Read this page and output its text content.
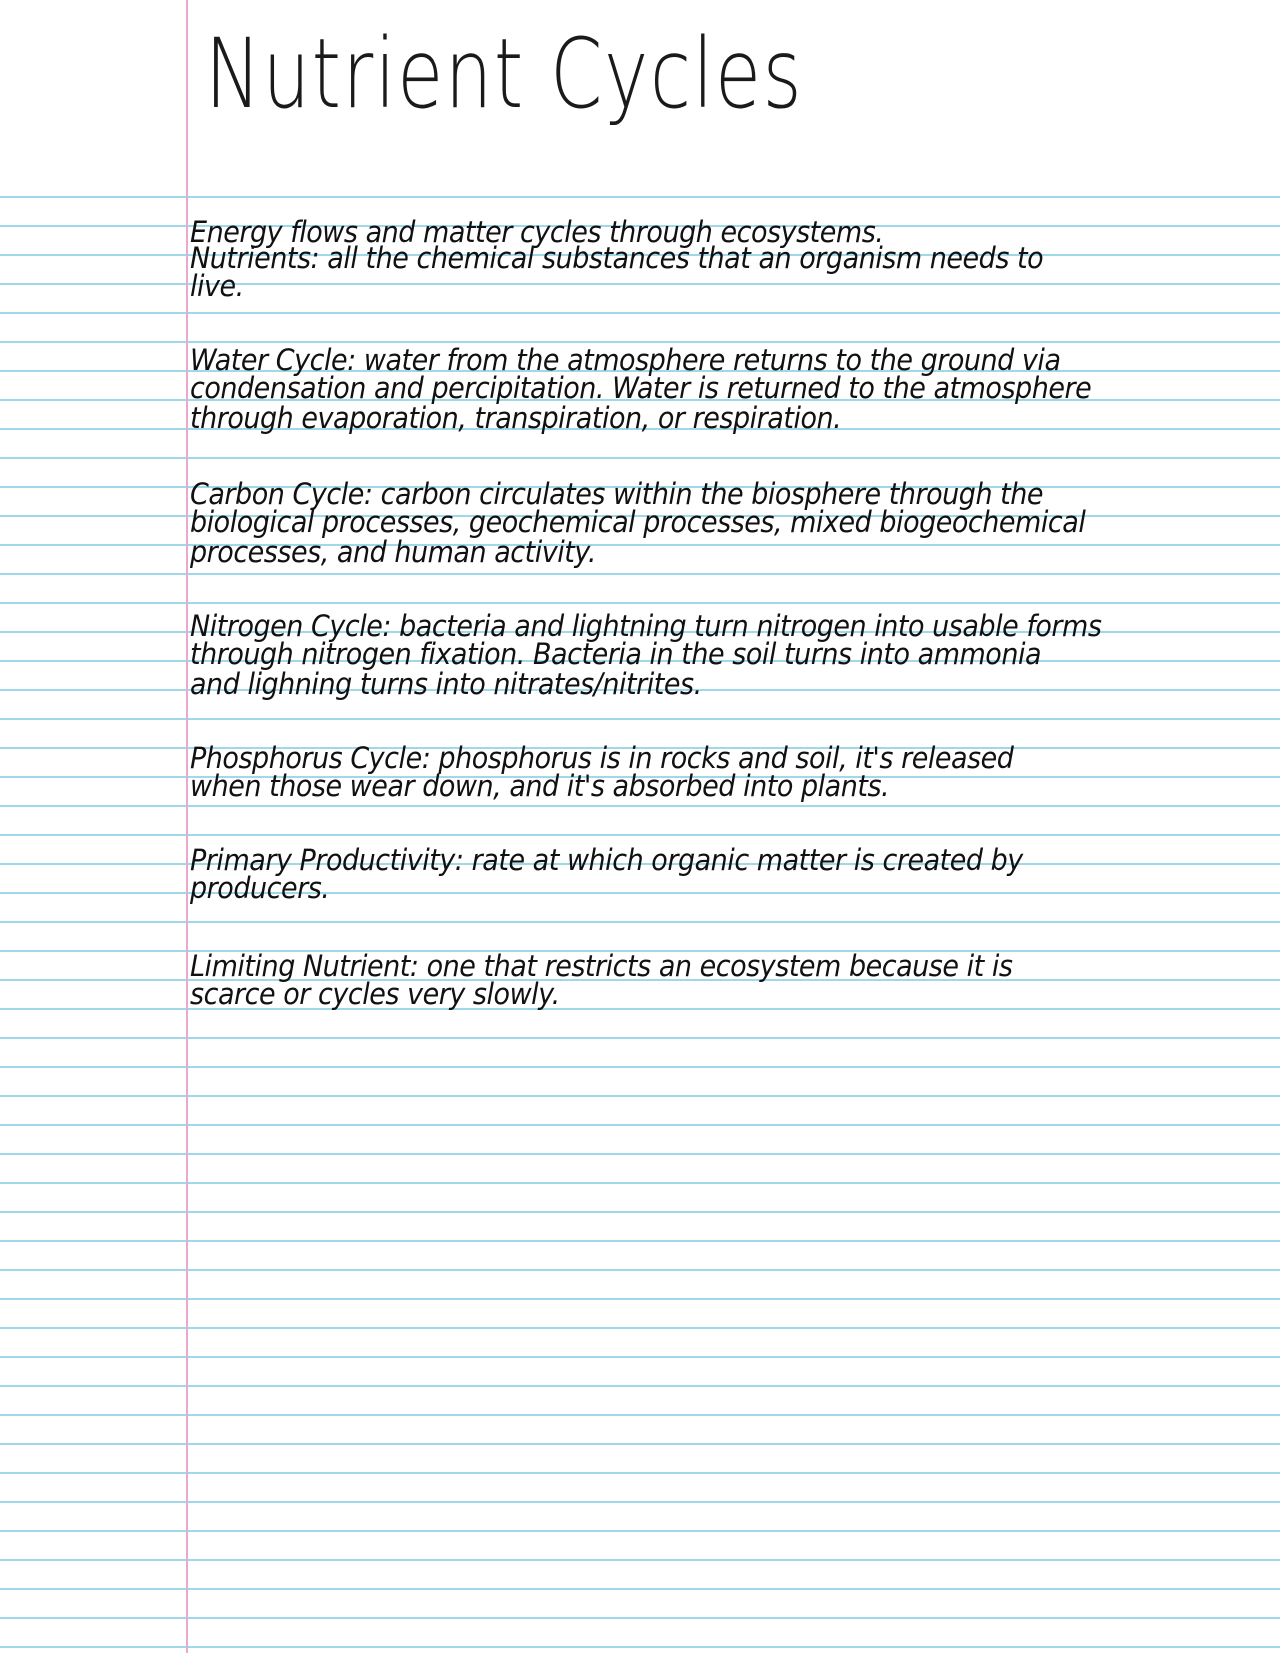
Nutrient Cycles
Energy flows and matter cycles through ecosystems.
Nutrients: all the chemical substances that an organism needs to
live.
Water Cycle: water from the atmosphere returns to the ground via
condensation and percipitation. Water is returned to the atmosphere
through evaporation, transpiration, or respiration.
Carbon Cycle: carbon circulates within the biosphere through the
biological processes, geochemical processes, mixed biogeochemical
processes, and human activity.
Nitrogen Cycle: bacteria and lightning turn nitrogen into usable forms
through nitrogen fixation. Bacteria in the soil turns into ammonia
and lighning turns into nitrates/nitrites.
Phosphorus Cycle: phosphorus is in rocks and soil, it's released
when those wear down, and it's absorbed into plants.
Primary Productivity: rate at which organic matter is created by
producers.
Limiting Nutrient: one that restricts an ecosystem because it is
scarce or cycles very slowly.
